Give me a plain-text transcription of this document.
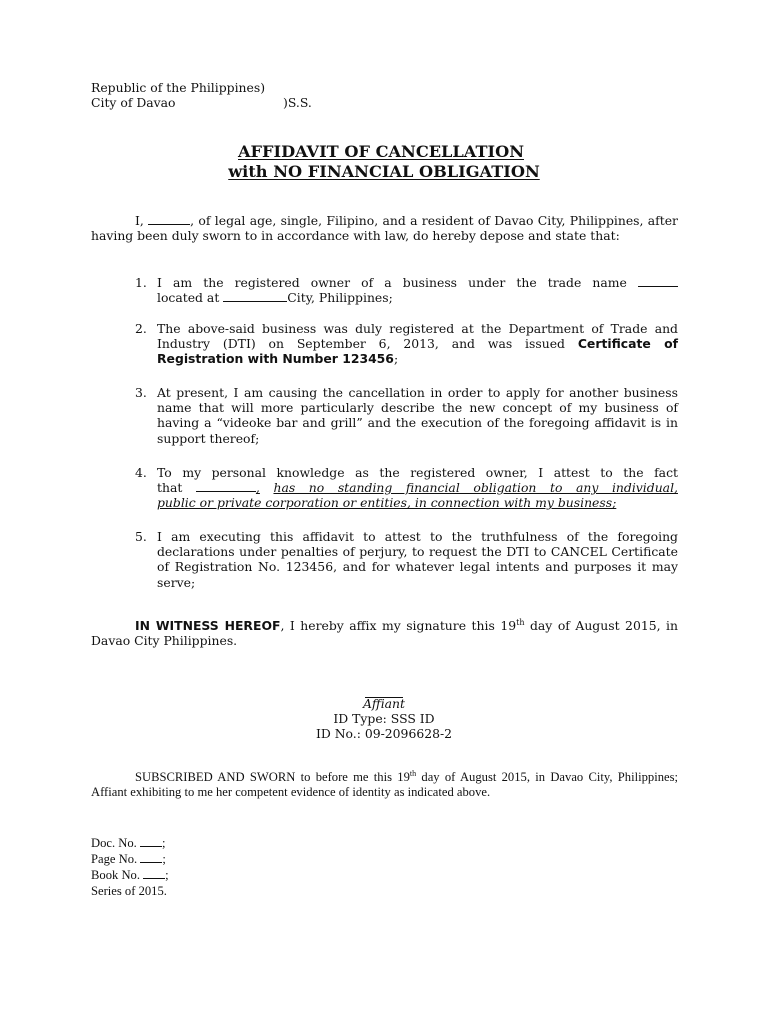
Republic of the Philippines)
City of Davao	)S.S.
AFFIDAVIT OF CANCELLATION
with NO FINANCIAL OBLIGATION
I,	, of legal age, single, Filipino, and a resident of Davao City, Philippines, after having been duly sworn to in accordance with law, do hereby depose and state that:
1. I am the registered owner of a business under the trade name
located at	City, Philippines;
2. The above-said business was duly registered at the Department of Trade and Industry (DTI) on September 6, 2013, and was issued Certificate of Registration with Number 123456;
3. At present, I am causing the cancellation in order to apply for another business name that will more particularly describe the new concept of my business of having a “videoke bar and grill” and the execution of the foregoing affidavit is in support thereof;
4. To my personal knowledge as the registered owner, I attest to the fact
that	, has no standing financial obligation to any individual,
public or private corporation or entities, in connection with my business;
5. I am executing this affidavit to attest to the truthfulness of the foregoing declarations under penalties of perjury, to request the DTI to CANCEL Certificate of Registration No. 123456, and for whatever legal intents and purposes it may serve;
IN WITNESS HEREOF, I hereby affix my signature this 19th day of August 2015, in Davao City Philippines.
Affiant
ID Type: SSS ID
ID No.: 09-2096628-2
SUBSCRIBED AND SWORN to before me this 19th day of August 2015, in Davao City, Philippines; Affiant exhibiting to me her competent evidence of identity as indicated above.
Doc. No. ;
Page No. ;
Book No. ;
Series of 2015.
